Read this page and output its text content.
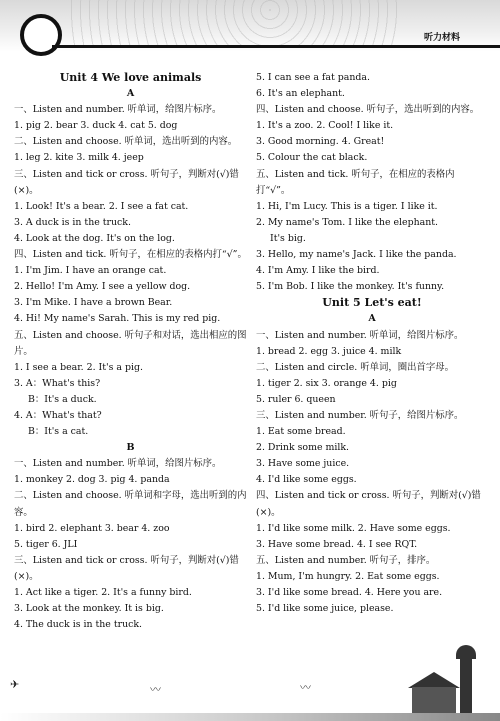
听力材料
Unit 4 We love animals
A
一、Listen and number. 听单词，给图片标序。
1. pig 2. bear 3. duck 4. cat 5. dog
二、Listen and choose. 听单词，选出听到的内容。
1. leg 2. kite 3. milk 4. jeep
三、Listen and tick or cross. 听句子，判断对(√)错(×)。
1. Look! It's a bear. 2. I see a fat cat.
3. A duck is in the truck.
4. Look at the dog. It's on the log.
四、Listen and tick. 听句子，在相应的表格内打“√”。
1. I'm Jim. I have an orange cat.
2. Hello! I'm Amy. I see a yellow dog.
3. I'm Mike. I have a brown Bear.
4. Hi! My name's Sarah. This is my red pig.
五、Listen and choose. 听句子和对话，选出相应的图片。
1. I see a bear. 2. It's a pig.
3. A：What's this?
B：It's a duck.
4. A：What's that?
B：It's a cat.
B
一、Listen and number. 听单词，给图片标序。
1. monkey 2. dog 3. pig 4. panda
二、Listen and choose. 听单词和字母，选出听到的内容。
1. bird 2. elephant 3. bear 4. zoo
5. tiger 6. JLI
三、Listen and tick or cross. 听句子，判断对(√)错(×)。
1. Act like a tiger. 2. It's a funny bird.
3. Look at the monkey. It is big.
4. The duck is in the truck.
5. I can see a fat panda.
6. It's an elephant.
四、Listen and choose. 听句子，选出听到的内容。
1. It's a zoo. 2. Cool! I like it.
3. Good morning. 4. Great!
5. Colour the cat black.
五、Listen and tick. 听句子，在相应的表格内打“√”。
1. Hi, I'm Lucy. This is a tiger. I like it.
2. My name's Tom. I like the elephant.
It's big.
3. Hello, my name's Jack. I like the panda.
4. I'm Amy. I like the bird.
5. I'm Bob. I like the monkey. It's funny.
Unit 5 Let's eat!
A
一、Listen and number. 听单词，给图片标序。
1. bread 2. egg 3. juice 4. milk
二、Listen and circle. 听单词，圈出首字母。
1. tiger 2. six 3. orange 4. pig
5. ruler 6. queen
三、Listen and number. 听句子，给图片标序。
1. Eat some bread.
2. Drink some milk.
3. Have some juice.
4. I'd like some eggs.
四、Listen and tick or cross. 听句子，判断对(√)错(×)。
1. I'd like some milk. 2. Have some eggs.
3. Have some bread. 4. I see RQT.
五、Listen and number. 听句子，排序。
1. Mum, I'm hungry. 2. Eat some eggs.
3. I'd like some bread. 4. Here you are.
5. I'd like some juice, please.
✈	〰	〰
